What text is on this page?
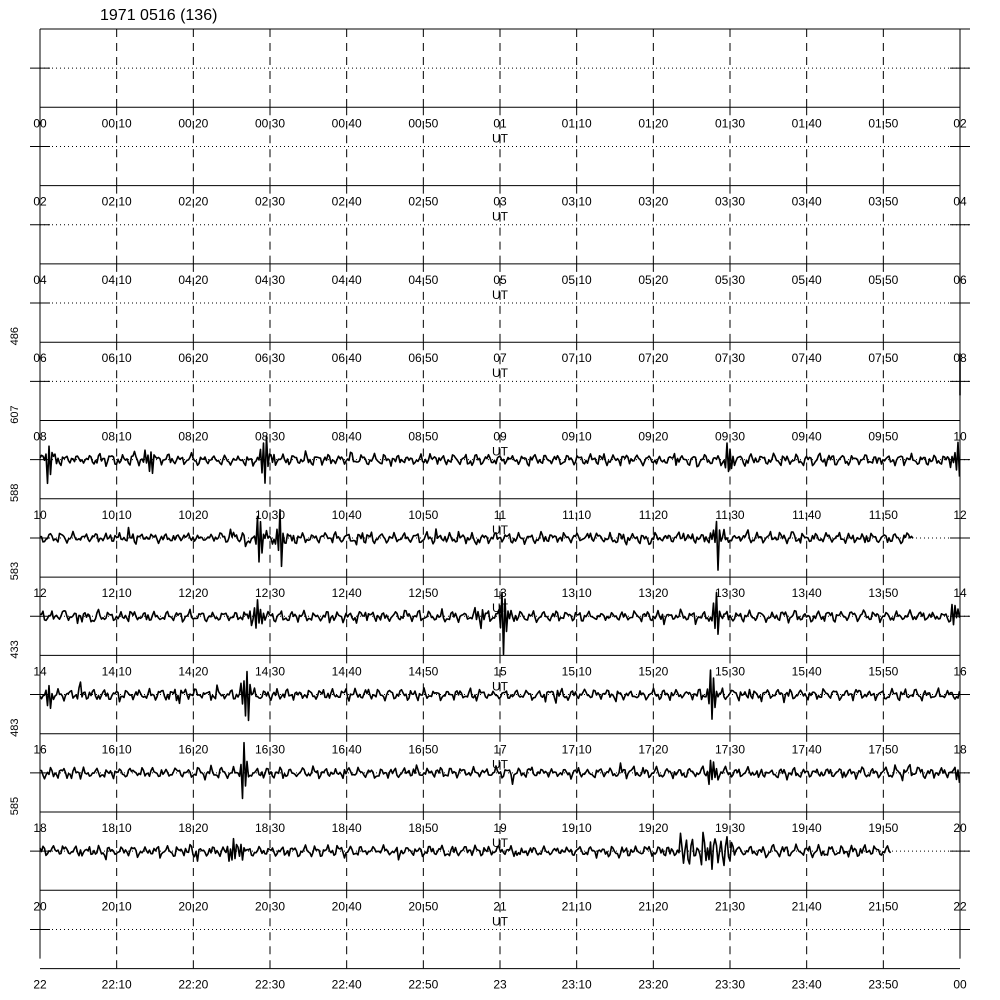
1971 0516 (136)
00	00:10	00:20	00:30	00:40	00:50	01	01:10	01:20	01:30	01:40	01:50	02
UT
02	02:10	02:20	02:30	02:40	02:50	03	03:10	03:20	03:30	03:40	03:50	04
UT
04	04:10	04:20	04:30	04:40	04:50	05	05:10	05:20	05:30	05:40	05:50	06
UT
06	06:10	06:20	06:30	06:40	06:50	07	07:10	07:20	07:30	07:40	07:50	08
UT
08	08:10	08:20	08:30	08:40	08:50	09	09:10	09:20	09:30	09:40	09:50	10
UT
486
10	10:10	10:20	10:30	10:40	10:50	11	11:10	11:20	11:30	11:40	11:50	12
UT
607
12	12:10	12:20	12:30	12:40	12:50	13	13:10	13:20	13:30	13:40	13:50	14
UT
588
14	14:10	14:20	14:30	14:40	14:50	15	15:10	15:20	15:30	15:40	15:50	16
UT
583
16	16:10	16:20	16:30	16:40	16:50	17	17:10	17:20	17:30	17:40	17:50	18
UT
433
18	18:10	18:20	18:30	18:40	18:50	19	19:10	19:20	19:30	19:40	19:50	20
UT
483
20	20:10	20:20	20:30	20:40	20:50	21	21:10	21:20	21:30	21:40	21:50	22
UT
585
22	22:10	22:20	22:30	22:40	22:50	23	23:10	23:20	23:30	23:40	23:50	00
